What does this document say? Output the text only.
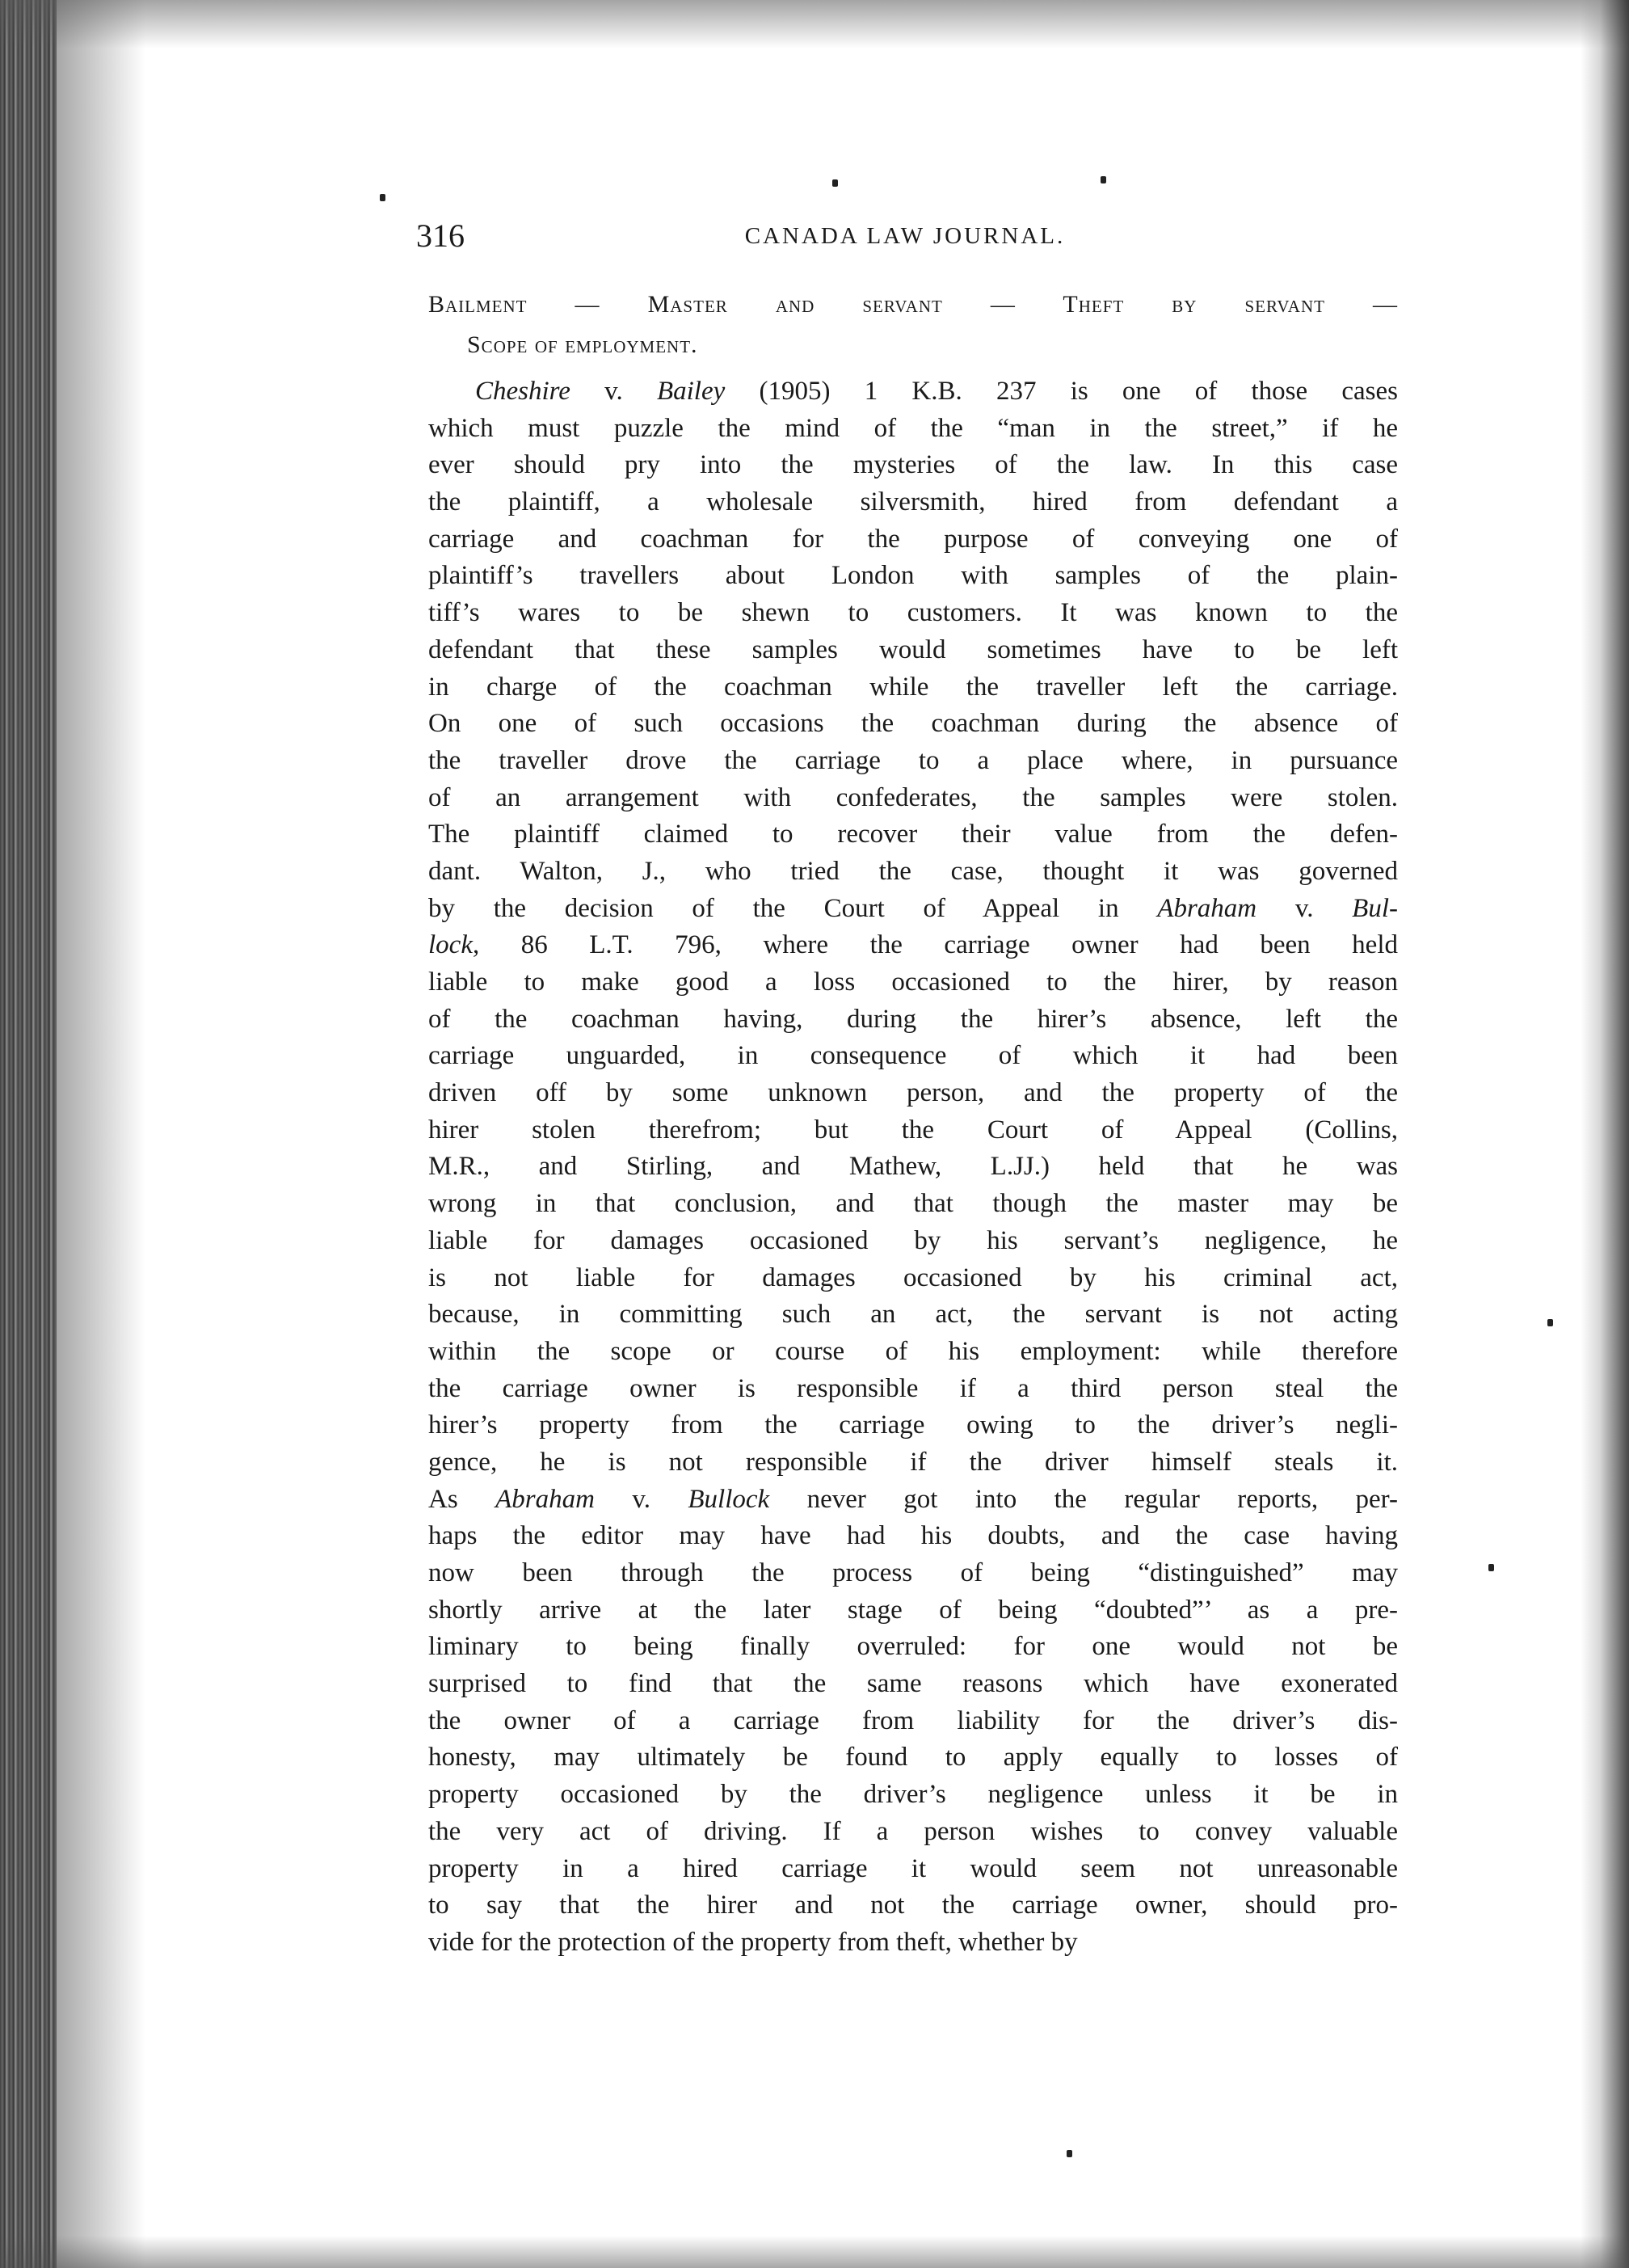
316	CANADA LAW JOURNAL.
Bailment — Master and servant — Theft by servant —
Scope of employment.
Cheshire v. Bailey (1905) 1 K.B. 237 is one of those cases
which must puzzle the mind of the “man in the street,” if he
ever should pry into the mysteries of the law. In this case
the plaintiff, a wholesale silversmith, hired from defendant a
carriage and coachman for the purpose of conveying one of
plaintiff’s travellers about London with samples of the plain-
tiff’s wares to be shewn to customers. It was known to the
defendant that these samples would sometimes have to be left
in charge of the coachman while the traveller left the carriage.
On one of such occasions the coachman during the absence of
the traveller drove the carriage to a place where, in pursuance
of an arrangement with confederates, the samples were stolen.
The plaintiff claimed to recover their value from the defen-
dant. Walton, J., who tried the case, thought it was governed
by the decision of the Court of Appeal in Abraham v. Bul-
lock, 86 L.T. 796, where the carriage owner had been held
liable to make good a loss occasioned to the hirer, by reason
of the coachman having, during the hirer’s absence, left the
carriage unguarded, in consequence of which it had been
driven off by some unknown person, and the property of the
hirer stolen therefrom; but the Court of Appeal (Collins,
M.R., and Stirling, and Mathew, L.JJ.) held that he was
wrong in that conclusion, and that though the master may be
liable for damages occasioned by his servant’s negligence, he
is not liable for damages occasioned by his criminal act,
because, in committing such an act, the servant is not acting
within the scope or course of his employment: while therefore
the carriage owner is responsible if a third person steal the
hirer’s property from the carriage owing to the driver’s negli-
gence, he is not responsible if the driver himself steals it.
As Abraham v. Bullock never got into the regular reports, per-
haps the editor may have had his doubts, and the case having
now been through the process of being “distinguished” may
shortly arrive at the later stage of being “doubted”’ as a pre-
liminary to being finally overruled: for one would not be
surprised to find that the same reasons which have exonerated
the owner of a carriage from liability for the driver’s dis-
honesty, may ultimately be found to apply equally to losses of
property occasioned by the driver’s negligence unless it be in
the very act of driving. If a person wishes to convey valuable
property in a hired carriage it would seem not unreasonable
to say that the hirer and not the carriage owner, should pro-
vide for the protection of the property from theft, whether by
